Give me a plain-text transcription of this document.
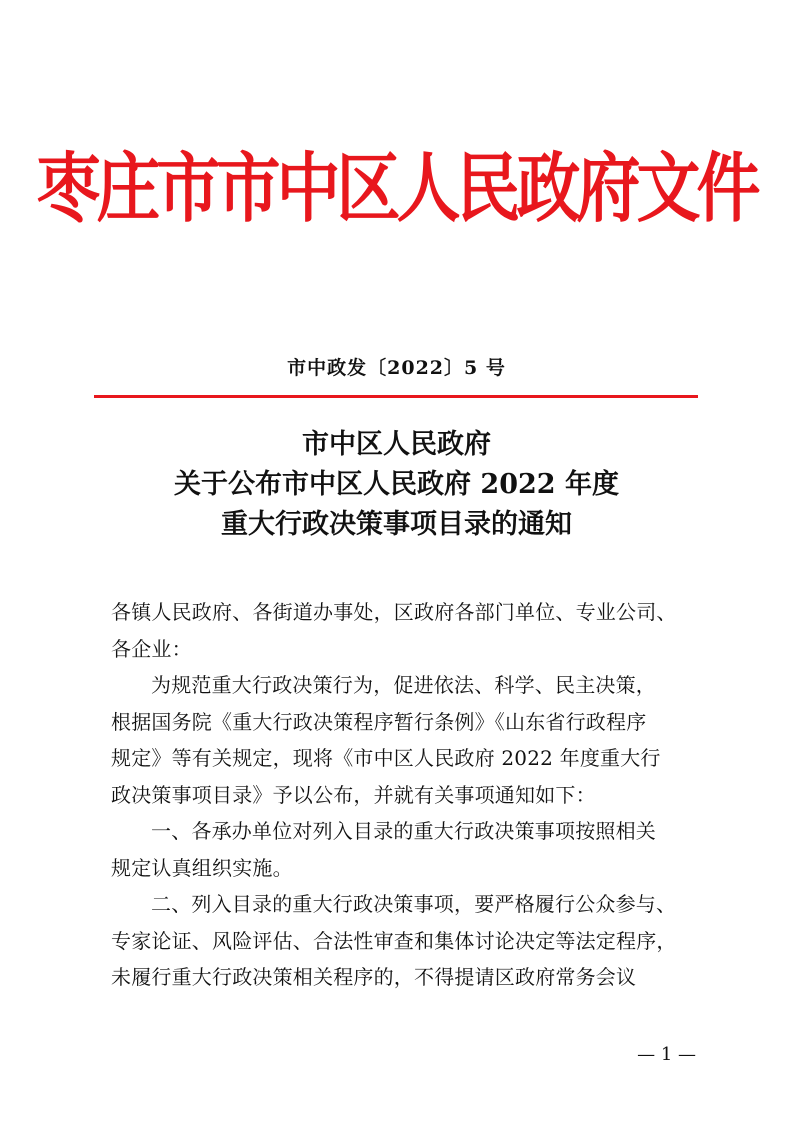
枣庄市市中区人民政府文件
市中政发〔2022〕5 号
市中区人民政府
关于公布市中区人民政府 2022 年度
重大行政决策事项目录的通知
各镇人民政府、各街道办事处，区政府各部门单位、专业公司、
各企业：
为规范重大行政决策行为，促进依法、科学、民主决策，
根据国务院《重大行政决策程序暂行条例》《山东省行政程序
规定》等有关规定，现将《市中区人民政府 2022 年度重大行
政决策事项目录》予以公布，并就有关事项通知如下：
一、各承办单位对列入目录的重大行政决策事项按照相关
规定认真组织实施。
二、列入目录的重大行政决策事项，要严格履行公众参与、
专家论证、风险评估、合法性审查和集体讨论决定等法定程序，
未履行重大行政决策相关程序的，不得提请区政府常务会议
— 1 —
